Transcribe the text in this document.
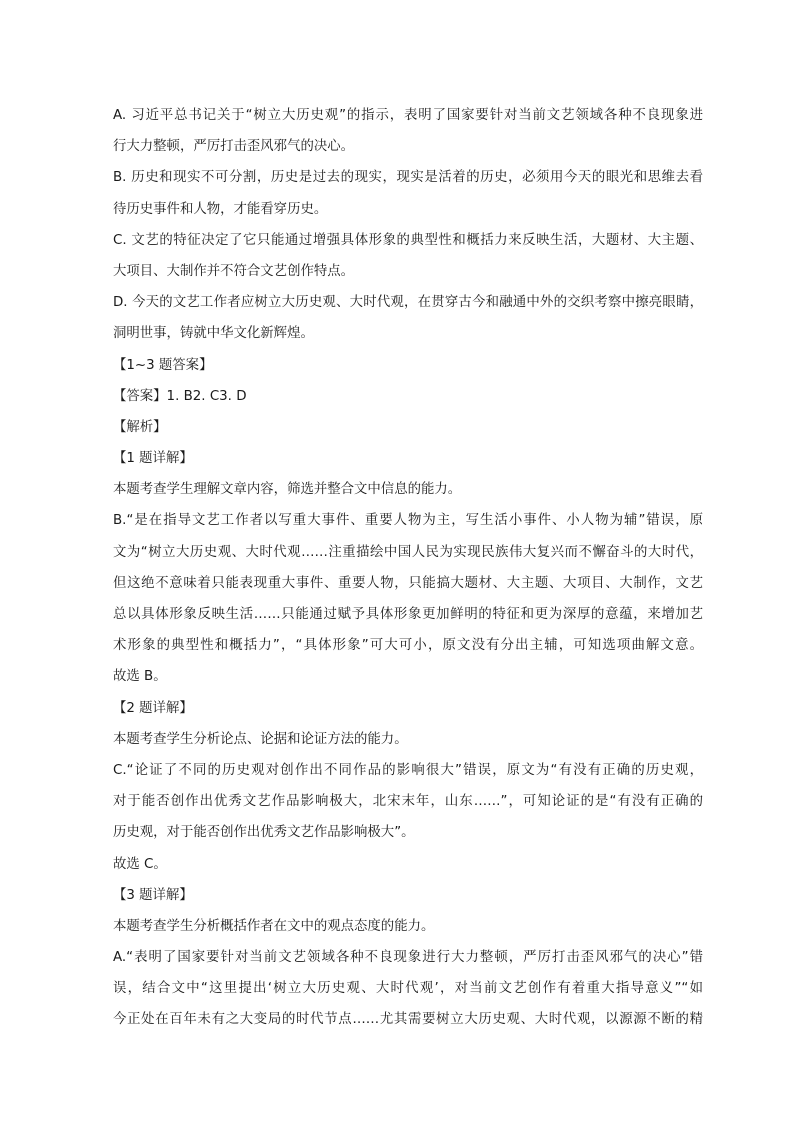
A. 习近平总书记关于“树立大历史观”的指示，表明了国家要针对当前文艺领域各种不良现象进
行大力整顿，严厉打击歪风邪气的决心。
B. 历史和现实不可分割，历史是过去的现实，现实是活着的历史，必须用今天的眼光和思维去看
待历史事件和人物，才能看穿历史。
C. 文艺的特征决定了它只能通过增强具体形象的典型性和概括力来反映生活，大题材、大主题、
大项目、大制作并不符合文艺创作特点。
D. 今天的文艺工作者应树立大历史观、大时代观，在贯穿古今和融通中外的交织考察中擦亮眼睛，
洞明世事，铸就中华文化新辉煌。
【1~3 题答案】
【答案】1. B2. C3. D
【解析】
【1 题详解】
本题考查学生理解文章内容，筛选并整合文中信息的能力。
B.“是在指导文艺工作者以写重大事件、重要人物为主，写生活小事件、小人物为辅”错误，原
文为“树立大历史观、大时代观……注重描绘中国人民为实现民族伟大复兴而不懈奋斗的大时代，
但这绝不意味着只能表现重大事件、重要人物，只能搞大题材、大主题、大项目、大制作，文艺
总以具体形象反映生活……只能通过赋予具体形象更加鲜明的特征和更为深厚的意蕴，来增加艺
术形象的典型性和概括力”，“具体形象”可大可小，原文没有分出主辅，可知选项曲解文意。
故选 B。
【2 题详解】
本题考查学生分析论点、论据和论证方法的能力。
C.“论证了不同的历史观对创作出不同作品的影响很大”错误，原文为“有没有正确的历史观，
对于能否创作出优秀文艺作品影响极大，北宋末年，山东……”，可知论证的是“有没有正确的
历史观，对于能否创作出优秀文艺作品影响极大”。
故选 C。
【3 题详解】
本题考查学生分析概括作者在文中的观点态度的能力。
A.“表明了国家要针对当前文艺领域各种不良现象进行大力整顿，严厉打击歪风邪气的决心”错
误，结合文中“这里提出‘树立大历史观、大时代观’，对当前文艺创作有着重大指导意义”“如
今正处在百年未有之大变局的时代节点……尤其需要树立大历史观、大时代观，以源源不断的精
